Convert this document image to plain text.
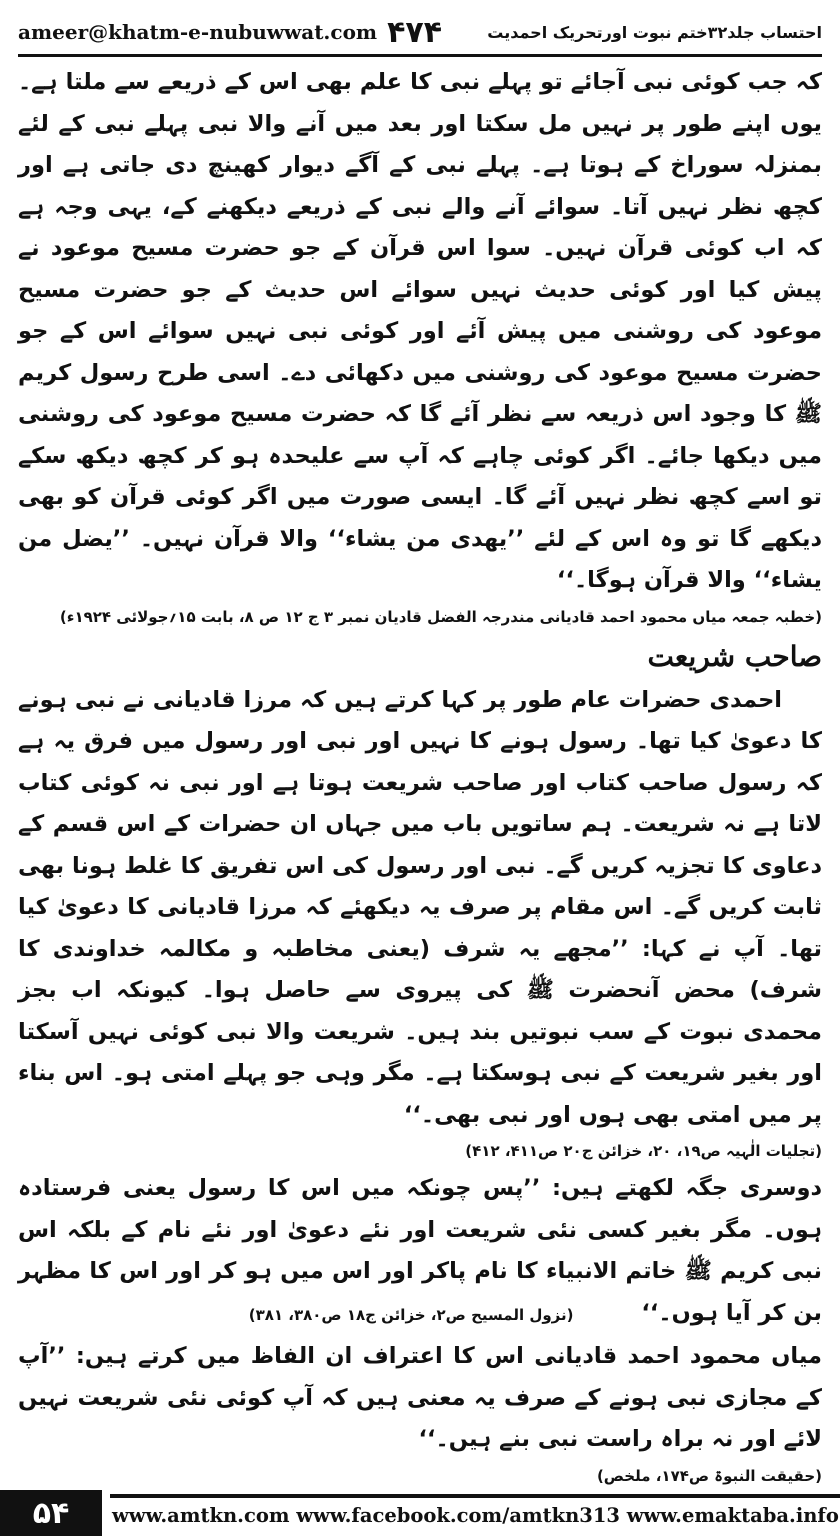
ameer@khatm-e-nubuwwat.com ۴۷۴	احتساب جلد۳۲ختم نبوت اورتحریک احمدیت

کہ جب کوئی نبی آجائے تو پہلے نبی کا علم بھی اس کے ذریعے سے ملتا ہے۔ یوں اپنے طور پر نہیں مل سکتا اور بعد میں آنے والا نبی پہلے نبی کے لئے بمنزلہ سوراخ کے ہوتا ہے۔ پہلے نبی کے آگے دیوار کھینچ دی جاتی ہے اور کچھ نظر نہیں آتا۔ سوائے آنے والے نبی کے ذریعے دیکھنے کے، یہی وجہ ہے کہ اب کوئی قرآن نہیں۔ سوا اس قرآن کے جو حضرت مسیح موعود نے پیش کیا اور کوئی حدیث نہیں سوائے اس حدیث کے جو حضرت مسیح موعود کی روشنی میں پیش آئے اور کوئی نبی نہیں سوائے اس کے جو حضرت مسیح موعود کی روشنی میں دکھائی دے۔ اسی طرح رسول کریم ﷺ کا وجود اس ذریعہ سے نظر آئے گا کہ حضرت مسیح موعود کی روشنی میں دیکھا جائے۔ اگر کوئی چاہے کہ آپ سے علیحدہ ہو کر کچھ دیکھ سکے تو اسے کچھ نظر نہیں آئے گا۔ ایسی صورت میں اگر کوئی قرآن کو بھی دیکھے گا تو وہ اس کے لئے ’’یهدی من یشاء‘‘ والا قرآن نہیں۔ ’’یضل من یشاء‘‘ والا قرآن ہوگا۔‘‘

(خطبہ جمعہ میاں محمود احمد قادیانی مندرجہ الفضل قادیان نمبر ۳ ج ۱۲ ص ۸، بابت ۱۵؍جولائی ۱۹۲۴ء)

صاحب شریعت

احمدی حضرات عام طور پر کہا کرتے ہیں کہ مرزا قادیانی نے نبی ہونے کا دعویٰ کیا تھا۔ رسول ہونے کا نہیں اور نبی اور رسول میں فرق یہ ہے کہ رسول صاحب کتاب اور صاحب شریعت ہوتا ہے اور نبی نہ کوئی کتاب لاتا ہے نہ شریعت۔ ہم ساتویں باب میں جہاں ان حضرات کے اس قسم کے دعاوی کا تجزیہ کریں گے۔ نبی اور رسول کی اس تفریق کا غلط ہونا بھی ثابت کریں گے۔ اس مقام پر صرف یہ دیکھئے کہ مرزا قادیانی کا دعویٰ کیا تھا۔ آپ نے کہا: ’’مجھے یہ شرف (یعنی مخاطبہ و مکالمہ خداوندی کا شرف) محض آنحضرت ﷺ کی پیروی سے حاصل ہوا۔ کیونکہ اب بجز محمدی نبوت کے سب نبوتیں بند ہیں۔ شریعت والا نبی کوئی نہیں آسکتا اور بغیر شریعت کے نبی ہوسکتا ہے۔ مگر وہی جو پہلے امتی ہو۔ اس بناء پر میں امتی بھی ہوں اور نبی بھی۔‘‘

(تجلیات الٰہیہ ص۱۹، ۲۰، خزائن ج۲۰ ص۴۱۱، ۴۱۲)

دوسری جگہ لکھتے ہیں: ’’پس چونکہ میں اس کا رسول یعنی فرستادہ ہوں۔ مگر بغیر کسی نئی شریعت اور نئے دعویٰ اور نئے نام کے بلکہ اس نبی کریم ﷺ خاتم الانبیاء کا نام پاکر اور اس میں ہو کر اور اس کا مظہر بن کر آیا ہوں۔‘‘ (نزول المسیح ص۲، خزائن ج۱۸ ص۳۸۰، ۳۸۱)

میاں محمود احمد قادیانی اس کا اعتراف ان الفاظ میں کرتے ہیں: ’’آپ کے مجازی نبی ہونے کے صرف یہ معنی ہیں کہ آپ کوئی نئی شریعت نہیں لائے اور نہ براہ راست نبی بنے ہیں۔‘‘

(حقیقت النبوۃ ص۱۷۴، ملخص)

۵۴	www.amtkn.com www.facebook.com/amtkn313 www.emaktaba.info
